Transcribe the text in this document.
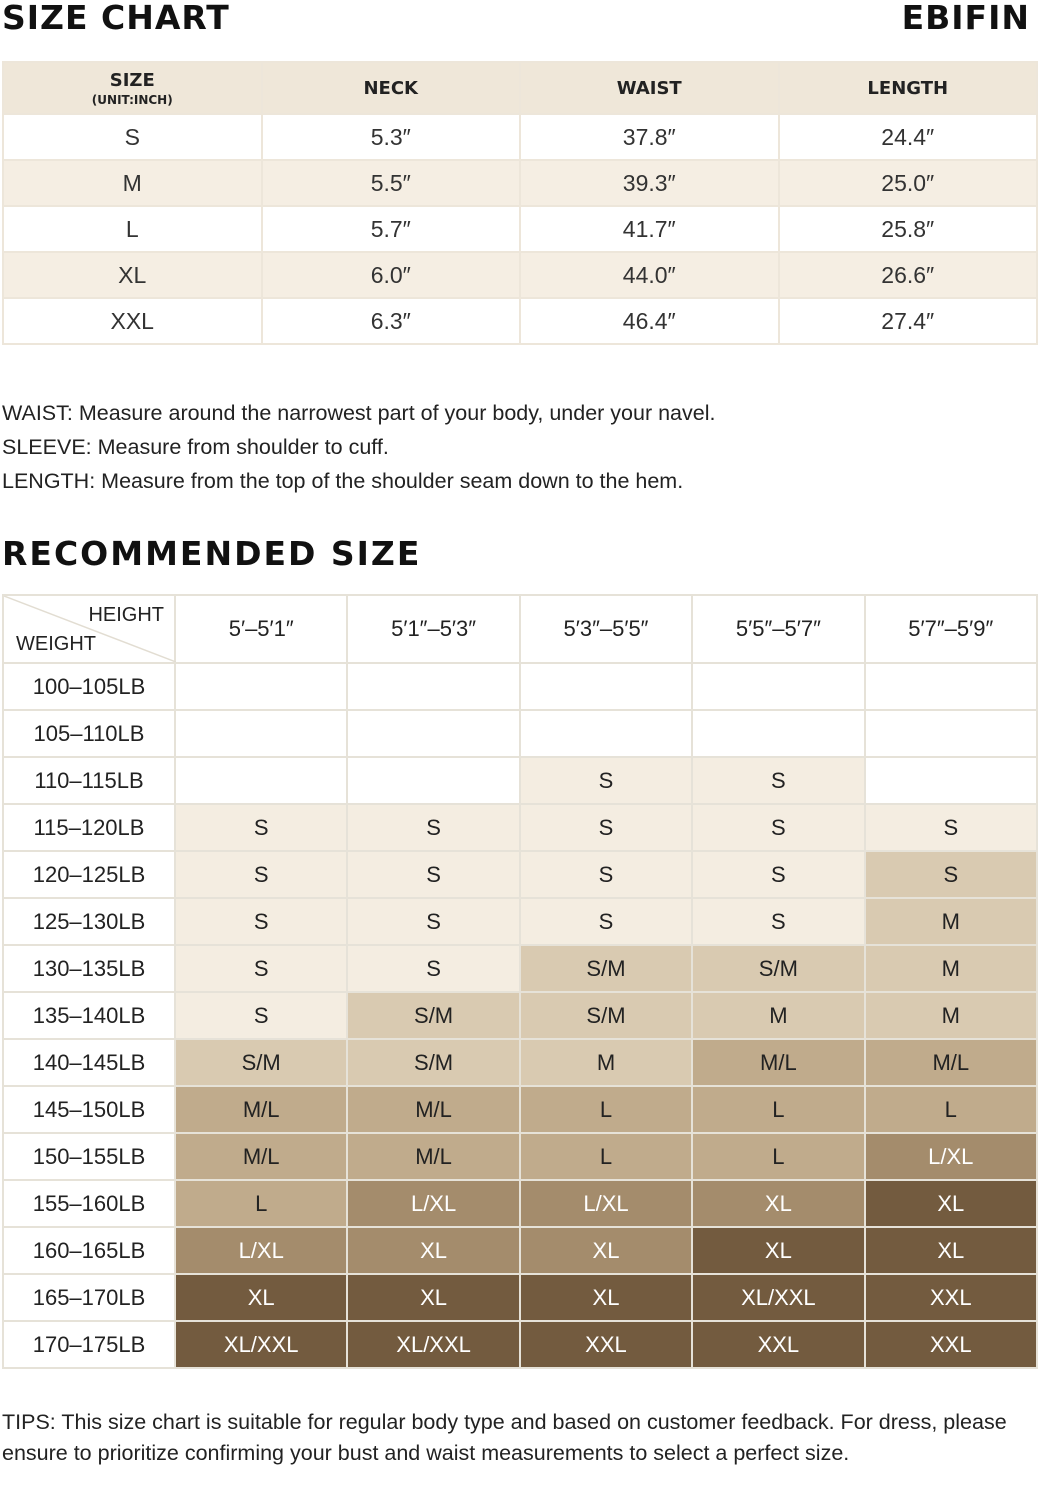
SIZE CHART	EBIFIN
SIZE
(UNIT:INCH)	NECK	WAIST	LENGTH
S	5.3″	37.8″	24.4″
M	5.5″	39.3″	25.0″
L	5.7″	41.7″	25.8″
XL	6.0″	44.0″	26.6″
XXL	6.3″	46.4″	27.4″
WAIST: Measure around the narrowest part of your body, under your navel.
SLEEVE: Measure from shoulder to cuff.
LENGTH: Measure from the top of the shoulder seam down to the hem.
RECOMMENDED SIZE
HEIGHT
WEIGHT	5′–5′1″	5′1″–5′3″	5′3″–5′5″	5′5″–5′7″	5′7″–5′9″
100–105LB					
105–110LB					
110–115LB			S	S	
115–120LB	S	S	S	S	S
120–125LB	S	S	S	S	S
125–130LB	S	S	S	S	M
130–135LB	S	S	S/M	S/M	M
135–140LB	S	S/M	S/M	M	M
140–145LB	S/M	S/M	M	M/L	M/L
145–150LB	M/L	M/L	L	L	L
150–155LB	M/L	M/L	L	L	L/XL
155–160LB	L	L/XL	L/XL	XL	XL
160–165LB	L/XL	XL	XL	XL	XL
165–170LB	XL	XL	XL	XL/XXL	XXL
170–175LB	XL/XXL	XL/XXL	XXL	XXL	XXL
TIPS: This size chart is suitable for regular body type and based on customer feedback. For dress, please ensure to prioritize confirming your bust and waist measurements to select a perfect size.
